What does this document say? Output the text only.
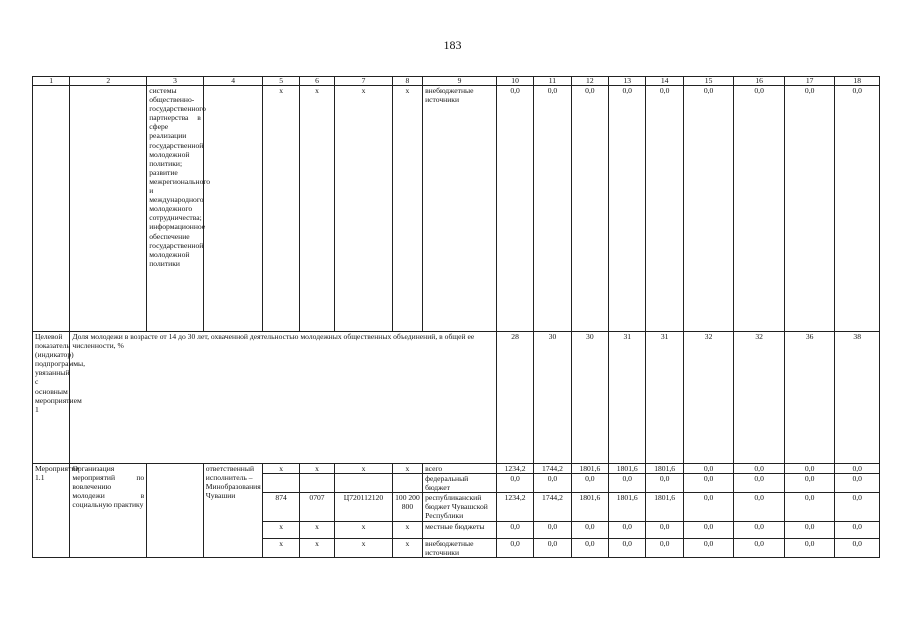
183
1	2	3	4	5	6	7	8	9	10	11	12	13	14	15	16	17	18
		системы общественно-государственного партнерства в сфере реализации государственной молодежной политики; развитие межрегионального и международного молодежного сотрудничества; информационное обеспечение государственной молодежной политики		x	x	x	x	внебюджетные источники	0,0	0,0	0,0	0,0	0,0	0,0	0,0	0,0	0,0
Целевой показатель (индикатор) подпрограммы, увязанный с основным мероприятием 1	Доля молодежи в возрасте от 14 до 30 лет, охваченной деятельностью молодежных общественных объединений, в общей ее численности, %								28	30	30	31	31	32	32	36	38
Мероприятие 1.1	Организация мероприятий по вовлечению молодежи в социальную практику		ответственный исполнитель – Минобразования Чувашии	x	x	x	x	всего	1234,2	1744,2	1801,6	1801,6	1801,6	0,0	0,0	0,0	0,0
								федеральный бюджет	0,0	0,0	0,0	0,0	0,0	0,0	0,0	0,0	0,0
				874	0707	Ц720112120	100 200 800	республиканский бюджет Чувашской Республики	1234,2	1744,2	1801,6	1801,6	1801,6	0,0	0,0	0,0	0,0
				x	x	x	x	местные бюджеты	0,0	0,0	0,0	0,0	0,0	0,0	0,0	0,0	0,0
				x	x	x	x	внебюджетные источники	0,0	0,0	0,0	0,0	0,0	0,0	0,0	0,0	0,0
